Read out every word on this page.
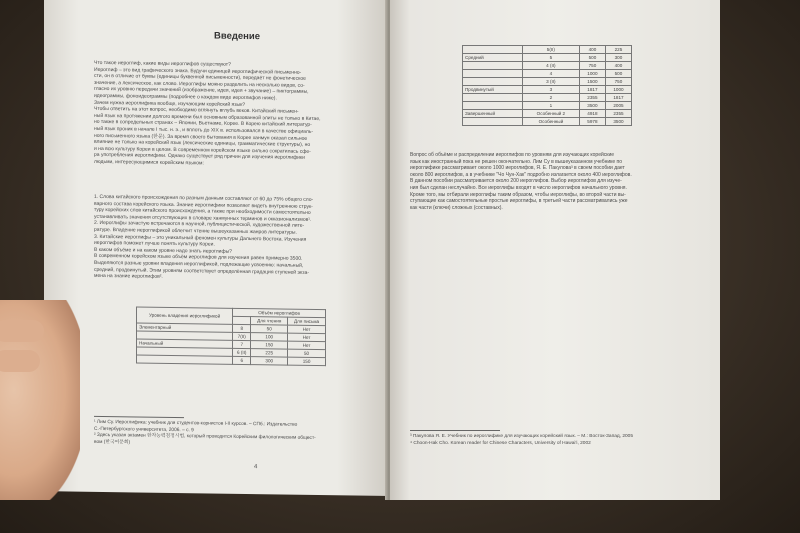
Введение
Что такое иероглиф, какие виды иероглифов существуют?
Иероглиф – это вид графического знака. Будучи единицей иероглифической письменно-
сти, он в отличие от буквы (единицы буквенной письменности), передаёт не фонетическое
значение, а лексическое, как слово. Иероглифы можно разделить на несколько видов, со-
гласно их уровню передачи значений (изображение, идея, идея + звучание) – пиктограммы,
идеограммы, фоноидеограммы (подробнее о каждом виде иероглифов ниже).
Зачем нужна иероглифика вообще, изучающим корейский язык?
Чтобы ответить на этот вопрос, необходимо вглянуть вглубь веков. Китайский письмен-
ный язык на протяжении долгого времени был основным образованной элиты не только в Китае,
но также в сопредельных странах – Японии, Вьетнаме, Корее. В Корею китайский литератур-
ный язык проник в начале I тыс. н. э., и вплоть до XIX в. использовался в качестве официаль-
ного письменного языка (한문). За время своего бытования в Корее ханмун оказал сильное
влияние не только на корейский язык (лексические единицы, грамматические структуры), но
и на всю культуру Кореи в целом. В современном корейском языке сильно сократилась сфе-
ра употребления иероглифики. Однако существует ряд причин для изучения иероглифики
людьми, интересующимися корейским языком:
1. Слова китайского происхождения по разным данным составляют от 60 до 75% общего сло-
варного состава корейского языка. Знание иероглифики позволяет видеть внутреннюю струк-
туру корейских слов китайского происхождения, а также при необходимости самостоятельно
устанавливать значения отсутствующих в словаре ханмунных терминов и окказионализмов¹.
2. Иероглифы зачастую встречаются в научной, публицистической, художественной лите-
ратуре. Владение иероглификой облегчит чтение вышеуказанных жанров литературы.
3. Китайские иероглифы – это уникальный феномен культуры Дальнего Востока. Изучения
иероглифов поможет лучше понять культуру Кореи.
В каком объёме и на каком уровне надо знать иероглифы?
В современном корейском языке объём иероглифов для изучения равен примерно 3500.
Выделяются разные уровни владения иероглификой, подлежащие усвоению: начальный,
средний, продвинутый. Этим уровням соответствует определённая градация ступеней экза-
мена на знание иероглифов².
Уровень владения иероглификой	Объём иероглифов		
		Для чтения	Для письма
Элементарный	8	50	Нет
	7(II)	100	Нет
Начальный	7	150	Нет
	6 (II)	225	50
	6	300	150
¹ Лим Су. Иероглифика: учебник для студентов-корнистов I-II курсов. – СПб.: Издательство
С.-Петербургского университета, 2006. – с. 9
² Здесь указан экзамен 한자능력검정시험, который проводится Корейским филологическим общест-
вом (한국어문회)
4
	5(II)	400	225
Средний	5	500	300
	4 (II)	750	400
	4	1000	500
	3 (II)	1500	750
Продвинутый	3	1817	1000
	2	2355	1817
	1	3500	2005
Завершенный	Особенный 2	4918	2355
	Особенный	5978	3500
Вопрос об объёме и распределении иероглифов по уровням для изучающих корейские
язык как иностранный пока не решен окончательно. Лим Су в вышеуказанном учебнике по
иероглифике рассматривает около 1000 иероглифов, Я. Е. Пакулова³ в своем пособии дает
около 800 иероглифов, а в учебнике "Чо Чун-Хак" подробно излагается около 400 иероглифов.
В данном пособии рассматривается около 200 иероглифов. Выбор иероглифов для изуче-
ния был сделан неслучайно. Все иероглифы входят в число иероглифов начального уровня.
Кроме того, мы отбирали иероглифы таким образом, чтобы иероглифы, во второй части вы-
ступающие как самостоятельные простые иероглифы, в третьей части рассматривались уже
как части (ключи) сложных (составных).
³ Пакулова Я. Е. Учебник по иероглифике для изучающих корейский язык. – М.: Восток-Запад, 2005
⁴ Choon-Hak Cho. Korean reader for Chinese Characters, University of Hawai'i, 2002
